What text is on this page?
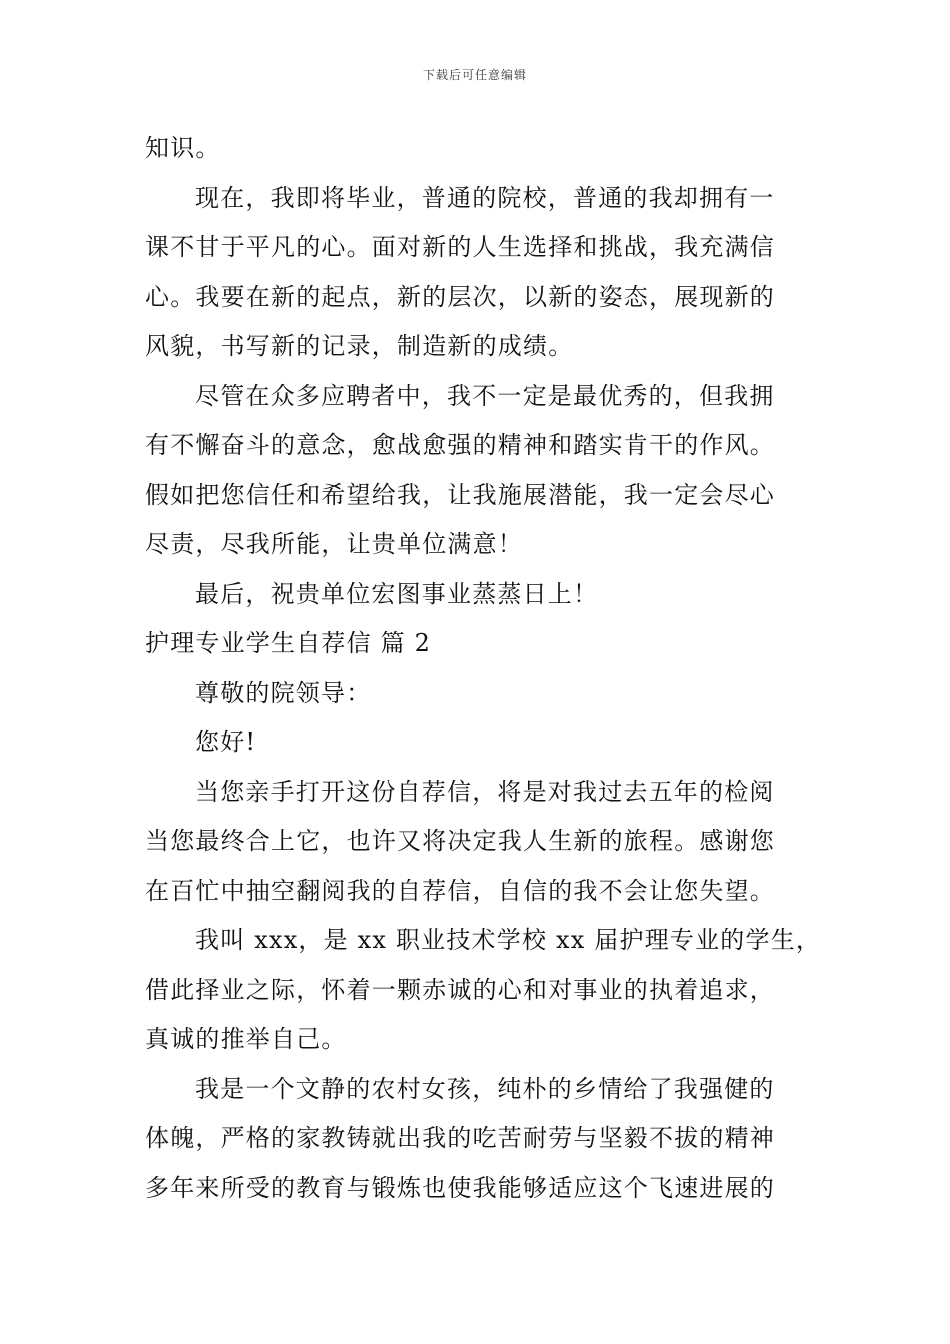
下载后可任意编辑

知识。

现在，我即将毕业，普通的院校，普通的我却拥有一

课不甘于平凡的心。面对新的人生选择和挑战，我充满信

心。我要在新的起点，新的层次，以新的姿态，展现新的

风貌，书写新的记录，制造新的成绩。

尽管在众多应聘者中，我不一定是最优秀的，但我拥

有不懈奋斗的意念，愈战愈强的精神和踏实肯干的作风。

假如把您信任和希望给我，让我施展潜能，我一定会尽心

尽责，尽我所能，让贵单位满意！

最后，祝贵单位宏图事业蒸蒸日上！

护理专业学生自荐信 篇 2

尊敬的院领导：

您好!

当您亲手打开这份自荐信，将是对我过去五年的检阅

当您最终合上它，也许又将决定我人生新的旅程。感谢您

在百忙中抽空翻阅我的自荐信，自信的我不会让您失望。

我叫 xxx，是 xx 职业技术学校 xx 届护理专业的学生，

借此择业之际，怀着一颗赤诚的心和对事业的执着追求，

真诚的推举自己。

我是一个文静的农村女孩，纯朴的乡情给了我强健的

体魄，严格的家教铸就出我的吃苦耐劳与坚毅不拔的精神

多年来所受的教育与锻炼也使我能够适应这个飞速进展的
